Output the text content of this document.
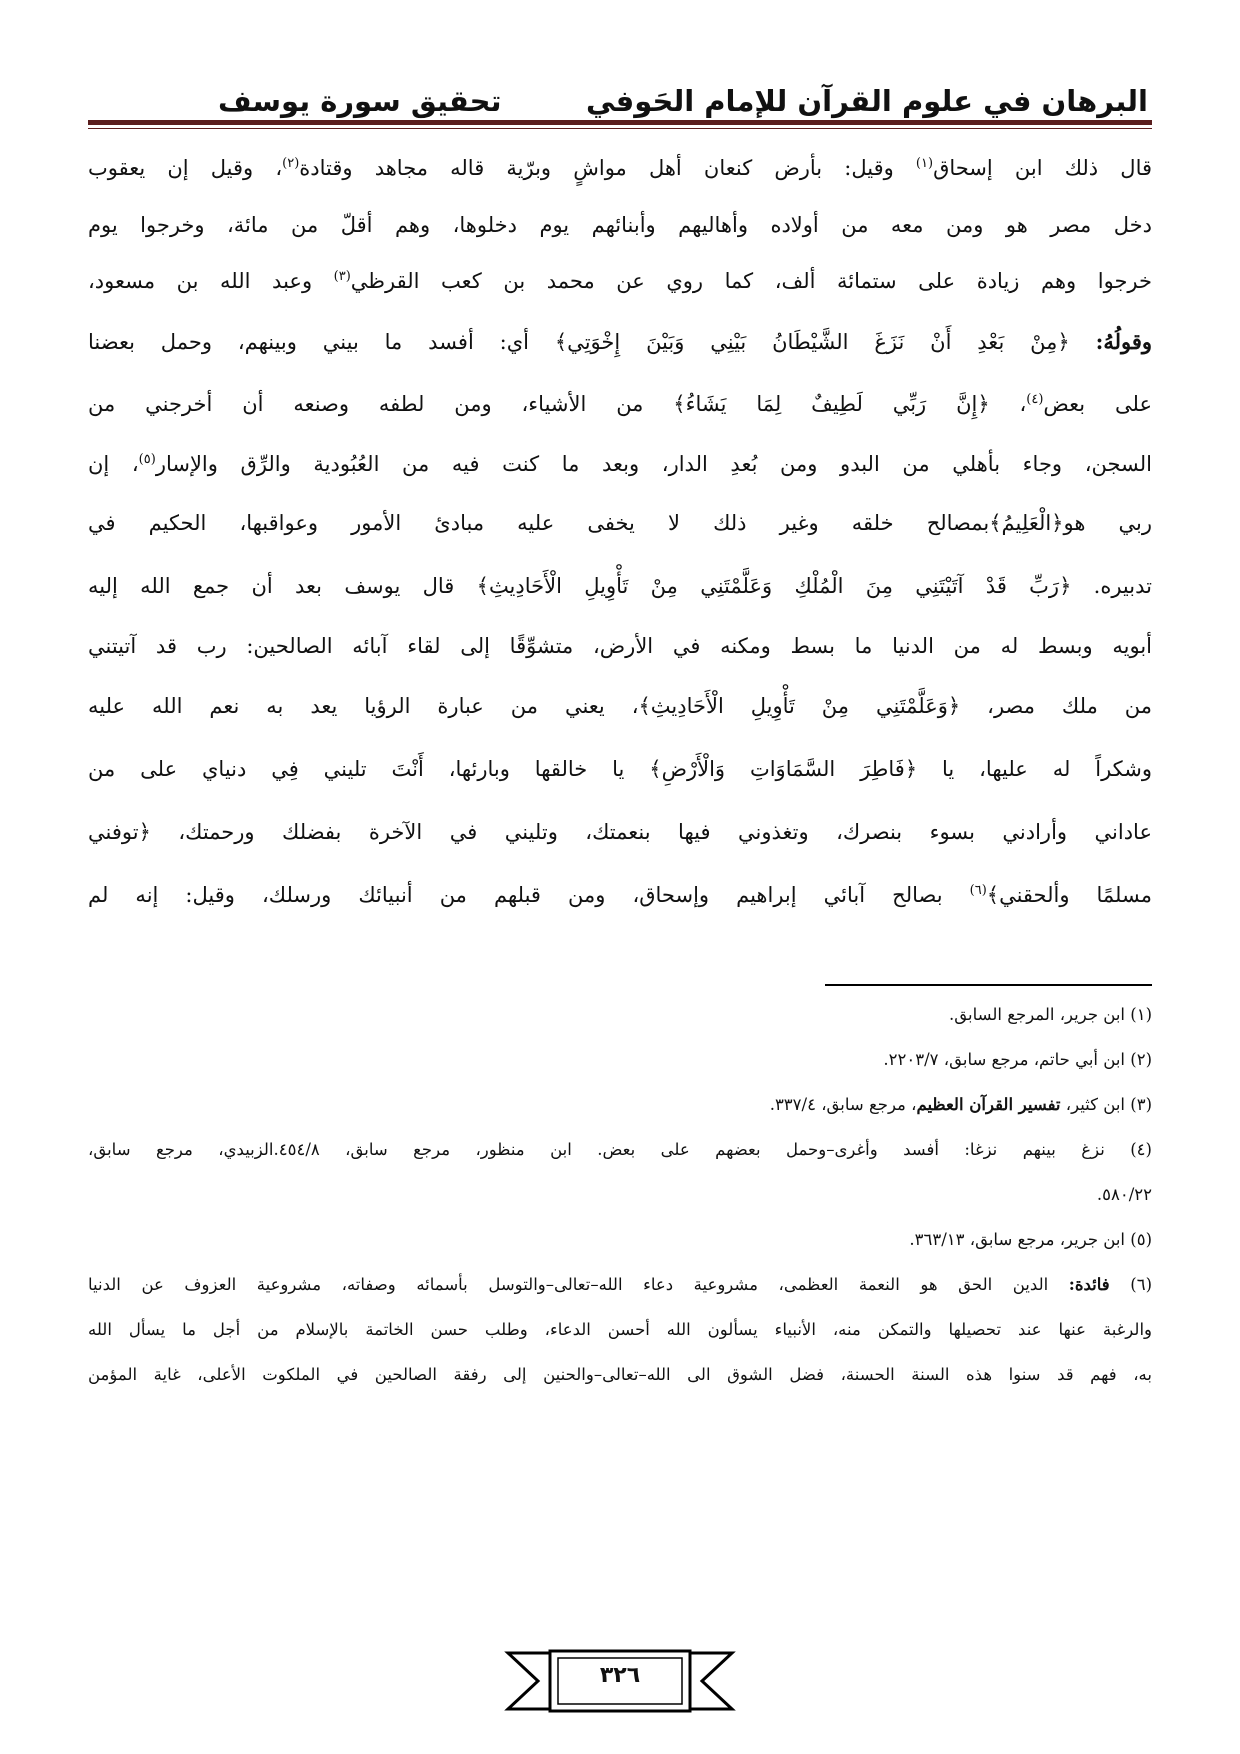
البرهان في علوم القرآن للإمام الحَوفي
تحقيق سورة يوسف
قال ذلك ابن إسحاق$^{(١)}$ وقيل: بأرض كنعان أهل مواشٍ وبرّية قاله مجاهد وقتادة$^{(٢)}$، وقيل إن يعقوب
دخل مصر هو ومن معه من أولاده وأهاليهم وأبنائهم يوم دخلوها، وهم أقلّ من مائة، وخرجوا يوم
خرجوا وهم زيادة على ستمائة ألف، كما روي عن محمد بن كعب القرظي$^{(٣)}$ وعبد الله بن مسعود،
وقولُهُ: ﴿مِنْ بَعْدِ أَنْ نَزَغَ الشَّيْطَانُ بَيْنِي وَبَيْنَ إِخْوَتِي﴾ أي: أفسد ما بيني وبينهم، وحمل بعضنا
على بعض$^{(٤)}$، ﴿إِنَّ رَبِّي لَطِيفٌ لِمَا يَشَاءُ﴾ من الأشياء، ومن لطفه وصنعه أن أخرجني من
السجن، وجاء بأهلي من البدو ومن بُعدِ الدار، وبعد ما كنت فيه من العُبُودية والرِّق والإسار$^{(٥)}$، إن
ربي هو﴿الْعَلِيمُ﴾بمصالح خلقه وغير ذلك لا يخفى عليه مبادئ الأمور وعواقبها، الحكيم في
تدبيره. ﴿رَبِّ قَدْ آتَيْتَنِي مِنَ الْمُلْكِ وَعَلَّمْتَنِي مِنْ تَأْوِيلِ الْأَحَادِيثِ﴾ قال يوسف بعد أن جمع الله إليه
أبويه وبسط له من الدنيا ما بسط ومكنه في الأرض، متشوِّقًا إلى لقاء آبائه الصالحين: رب قد آتيتني
من ملك مصر، ﴿وَعَلَّمْتَنِي مِنْ تَأْوِيلِ الْأَحَادِيثِ﴾، يعني من عبارة الرؤيا يعد به نعم الله عليه
وشكراً له عليها، يا ﴿فَاطِرَ السَّمَاوَاتِ وَالْأَرْضِ﴾ يا خالقها وبارئها، أَنْتَ تليني فِي دنياي على من
عاداني وأرادني بسوء بنصرك، وتغذوني فيها بنعمتك، وتليني في الآخرة بفضلك ورحمتك، ﴿توفني
مسلمًا وألحقني﴾$^{(٦)}$ بصالح آبائي إبراهيم وإسحاق، ومن قبلهم من أنبيائك ورسلك، وقيل: إنه لم
(١) ابن جرير، المرجع السابق.
(٢) ابن أبي حاتم، مرجع سابق، ٢٢٠٣/٧.
(٣) ابن كثير، تفسير القرآن العظيم، مرجع سابق، ٣٣٧/٤.
(٤) نزغ بينهم نزغا: أفسد وأغرى–وحمل بعضهم على بعض. ابن منظور، مرجع سابق، ٤٥٤/٨.الزبيدي، مرجع سابق،
٥٨٠/٢٢.
(٥) ابن جرير، مرجع سابق، ٣٦٣/١٣.
(٦) فائدة: الدين الحق هو النعمة العظمى، مشروعية دعاء الله–تعالى–والتوسل بأسمائه وصفاته، مشروعية العزوف عن الدنيا
والرغبة عنها عند تحصيلها والتمكن منه، الأنبياء يسألون الله أحسن الدعاء، وطلب حسن الخاتمة بالإسلام من أجل ما يسأل الله
به، فهم قد سنوا هذه السنة الحسنة، فضل الشوق الى الله–تعالى–والحنين إلى رفقة الصالحين في الملكوت الأعلى، غاية المؤمن
٣٢٦
